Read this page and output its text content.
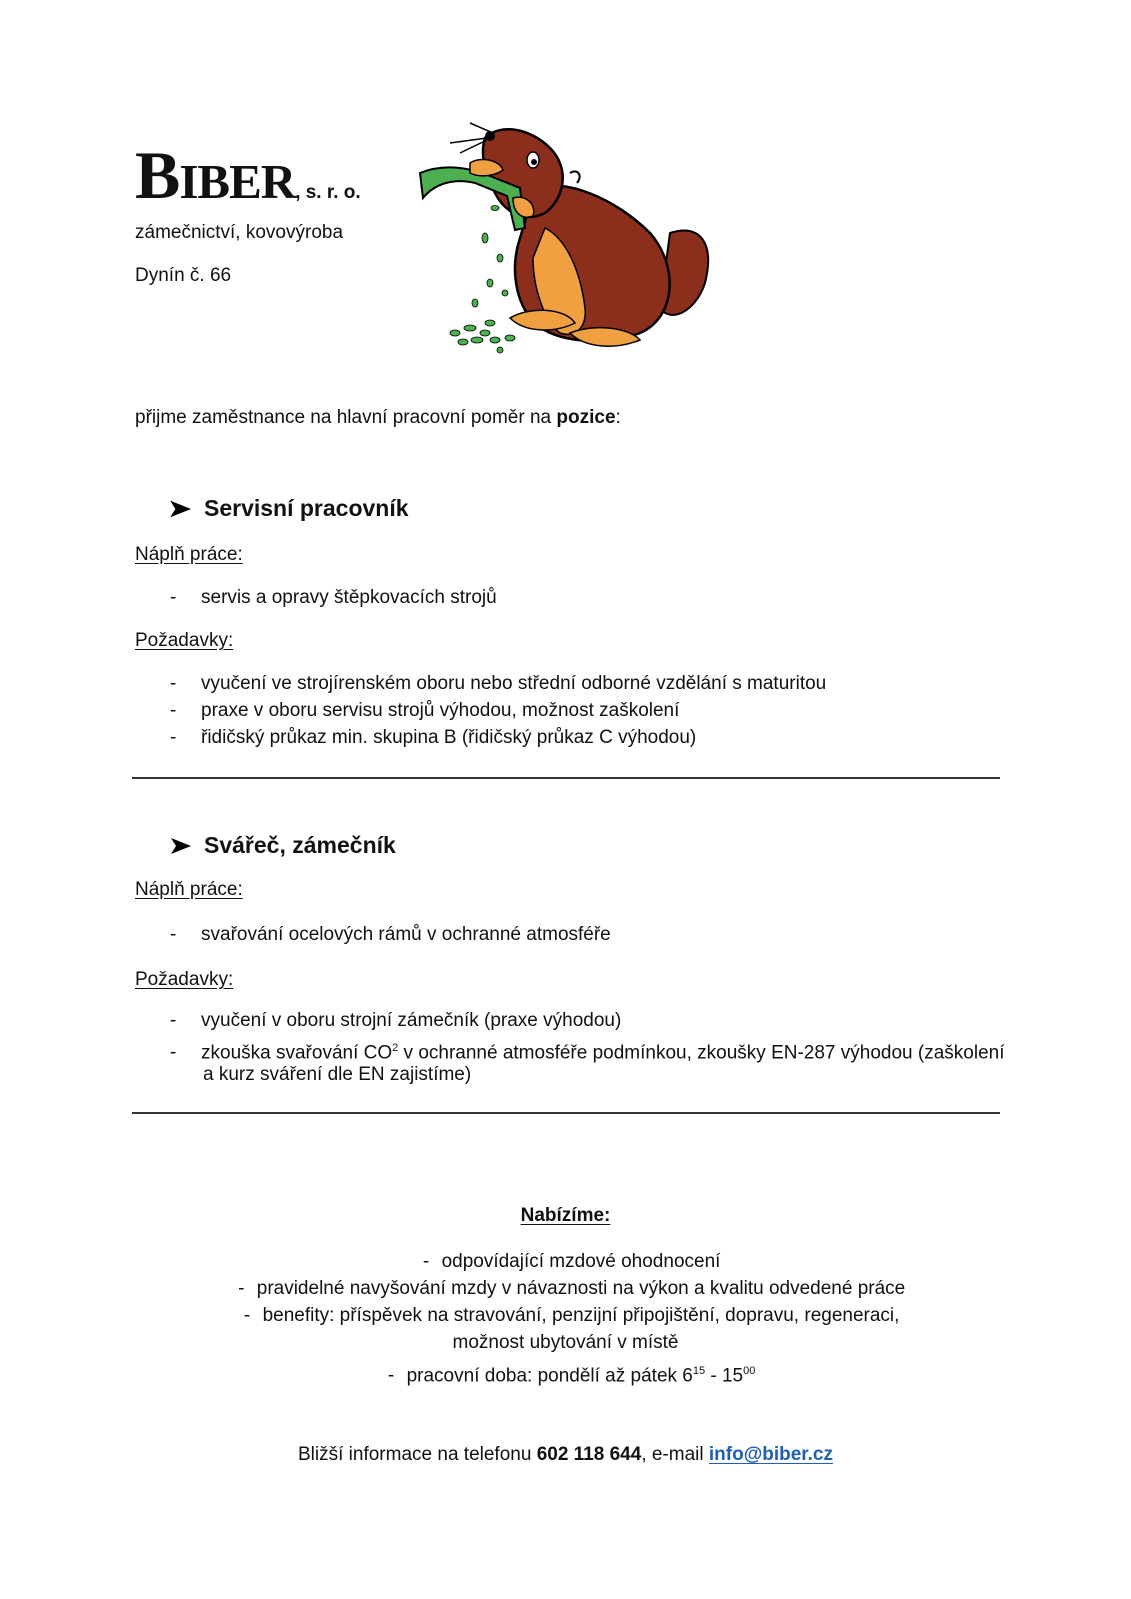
BIBER, s. r. o.
zámečnictví, kovovýroba
Dynín č. 66
přijme zaměstnance na hlavní pracovní poměr na pozice:
Servisní pracovník
Náplň práce:
- servis a opravy štěpkovacích strojů
Požadavky:
- vyučení ve strojírenském oboru nebo střední odborné vzdělání s maturitou
- praxe v oboru servisu strojů výhodou, možnost zaškolení
- řidičský průkaz min. skupina B (řidičský průkaz C výhodou)
Svářeč, zámečník
Náplň práce:
- svařování ocelových rámů v ochranné atmosféře
Požadavky:
- vyučení v oboru strojní zámečník (praxe výhodou)
- zkouška svařování $CO^2$ v ochranné atmosféře podmínkou, zkoušky EN-287 výhodou (zaškolení
a kurz sváření dle EN zajistíme)
Nabízíme:
- odpovídající mzdové ohodnocení
- pravidelné navyšování mzdy v návaznosti na výkon a kvalitu odvedené práce
- benefity: příspěvek na stravování, penzijní připojištění, dopravu, regeneraci,
možnost ubytování v místě
- pracovní doba: pondělí až pátek $6^{15} - 15^{00}$
Bližší informace na telefonu 602 118 644, e-mail info@biber.cz
